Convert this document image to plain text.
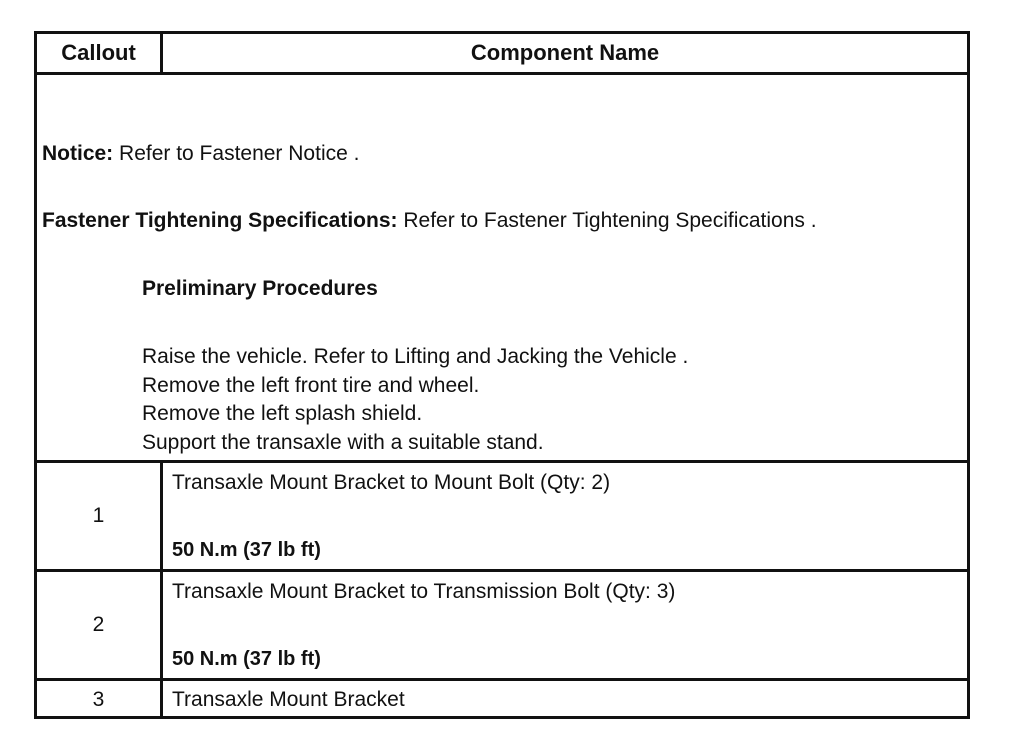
Callout	Component Name

Notice: Refer to Fastener Notice .

Fastener Tightening Specifications: Refer to Fastener Tightening Specifications .

Preliminary Procedures

Raise the vehicle. Refer to Lifting and Jacking the Vehicle .

Remove the left front tire and wheel.

Remove the left splash shield.

Support the transaxle with a suitable stand.

1
Transaxle Mount Bracket to Mount Bolt (Qty: 2)
50 N.m (37 lb ft)
2
Transaxle Mount Bracket to Transmission Bolt (Qty: 3)
50 N.m (37 lb ft)
3	Transaxle Mount Bracket
